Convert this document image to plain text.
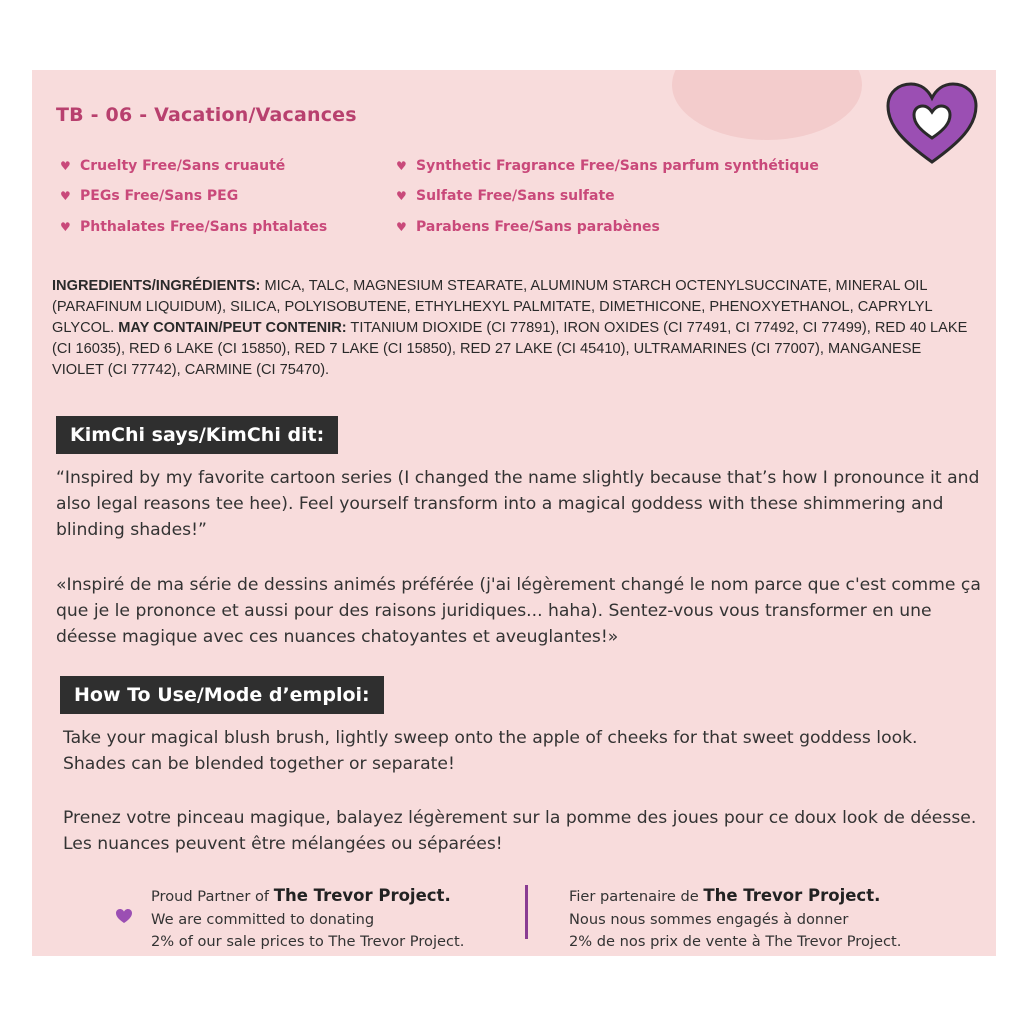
TB - 06 - Vacation/Vacances
♥ Cruelty Free/Sans cruauté
♥ PEGs Free/Sans PEG
♥ Phthalates Free/Sans phtalates
♥ Synthetic Fragrance Free/Sans parfum synthétique
♥ Sulfate Free/Sans sulfate
♥ Parabens Free/Sans parabènes
INGREDIENTS/INGRÉDIENTS: MICA, TALC, MAGNESIUM STEARATE, ALUMINUM STARCH OCTENYLSUCCINATE, MINERAL OIL (PARAFINUM LIQUIDUM), SILICA, POLYISOBUTENE, ETHYLHEXYL PALMITATE, DIMETHICONE, PHENOXYETHANOL, CAPRYLYL GLYCOL. MAY CONTAIN/PEUT CONTENIR: TITANIUM DIOXIDE (CI 77891), IRON OXIDES (CI 77491, CI 77492, CI 77499), RED 40 LAKE (CI 16035), RED 6 LAKE (CI 15850), RED 7 LAKE (CI 15850), RED 27 LAKE (CI 45410), ULTRAMARINES (CI 77007), MANGANESE VIOLET (CI 77742), CARMINE (CI 75470).
KimChi says/KimChi dit:
“Inspired by my favorite cartoon series (I changed the name slightly because that’s how I pronounce it and also legal reasons tee hee). Feel yourself transform into a magical goddess with these shimmering and blinding shades!”
«Inspiré de ma série de dessins animés préférée (j'ai légèrement changé le nom parce que c'est comme ça que je le prononce et aussi pour des raisons juridiques... haha). Sentez-vous vous transformer en une déesse magique avec ces nuances chatoyantes et aveuglantes!»
How To Use/Mode d’emploi:
Take your magical blush brush, lightly sweep onto the apple of cheeks for that sweet goddess look. Shades can be blended together or separate!
Prenez votre pinceau magique, balayez légèrement sur la pomme des joues pour ce doux look de déesse. Les nuances peuvent être mélangées ou séparées!
Proud Partner of The Trevor Project.
We are committed to donating
2% of our sale prices to The Trevor Project.
Fier partenaire de The Trevor Project.
Nous nous sommes engagés à donner
2% de nos prix de vente à The Trevor Project.
